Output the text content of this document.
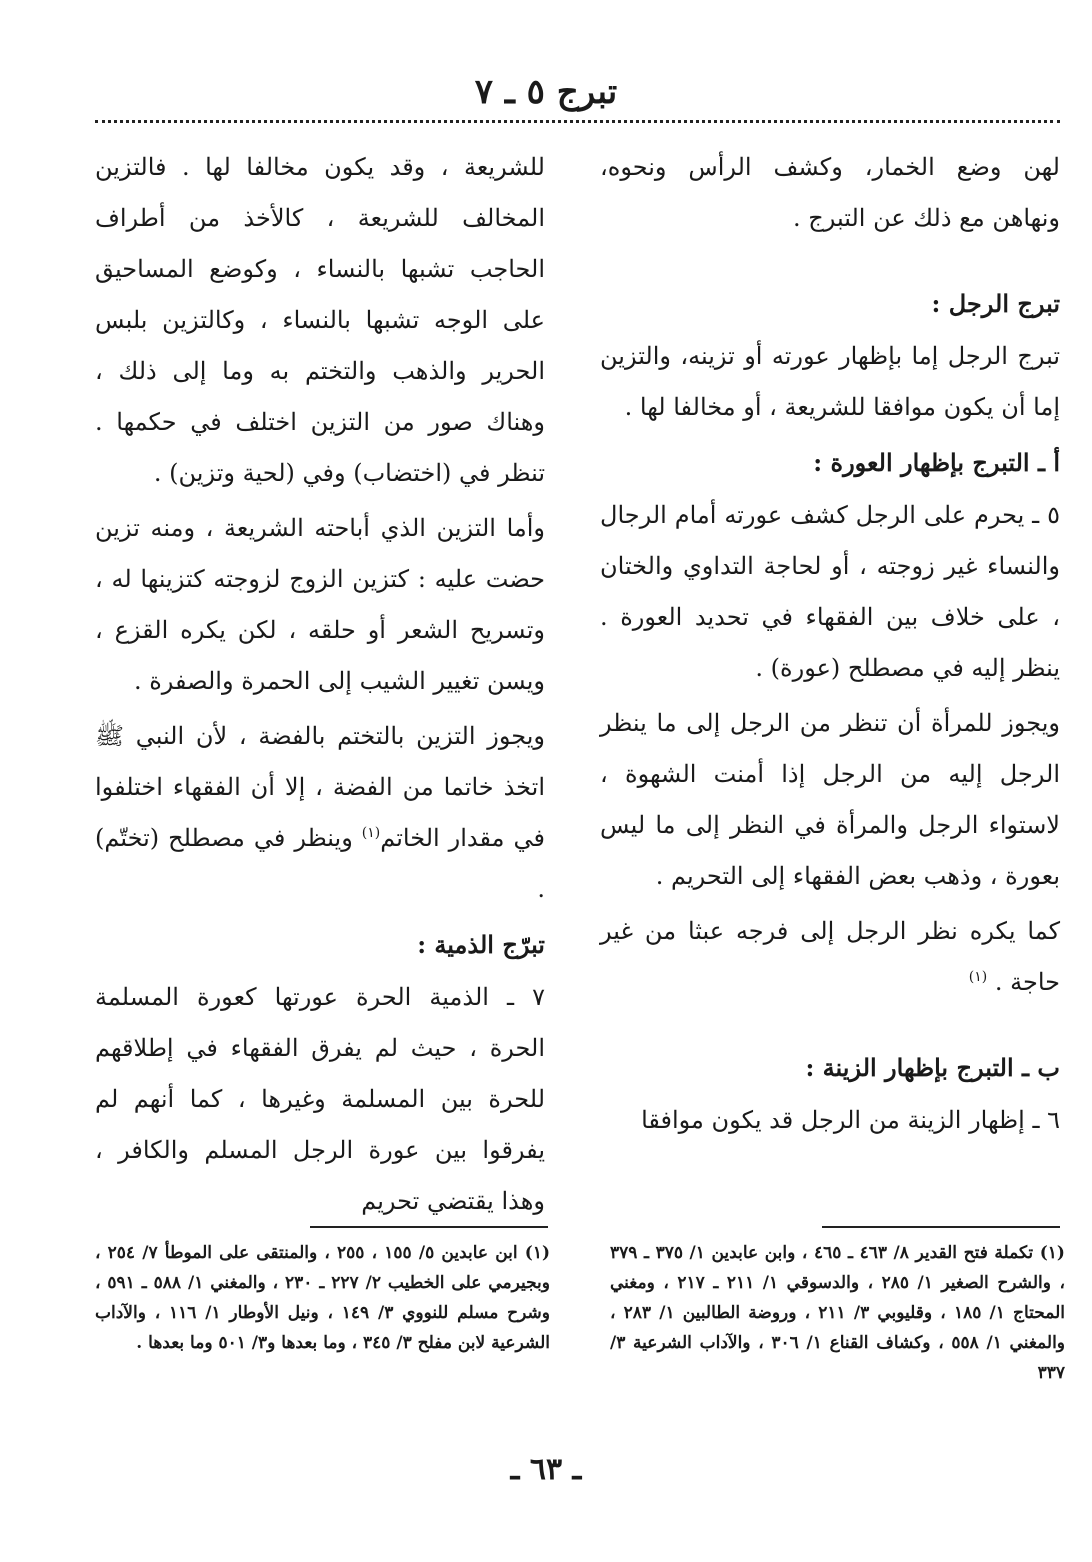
تبرج ٥ ـ ٧

لهن وضع الخمار، وكشف الرأس ونحوه، ونهاهن مع ذلك عن التبرج .

تبرج الرجل :

تبرج الرجل إما بإظهار عورته أو تزينه، والتزين إما أن يكون موافقا للشريعة ، أو مخالفا لها .

أ ـ التبرج بإظهار العورة :

٥ ـ يحرم على الرجل كشف عورته أمام الرجال والنساء غير زوجته ، أو لحاجة التداوي والختان ، على خلاف بين الفقهاء في تحديد العورة . ينظر إليه في مصطلح (عورة) .

ويجوز للمرأة أن تنظر من الرجل إلى ما ينظر الرجل إليه من الرجل إذا أمنت الشهوة ، لاستواء الرجل والمرأة في النظر إلى ما ليس بعورة ، وذهب بعض الفقهاء إلى التحريم .

كما يكره نظر الرجل إلى فرجه عبثا من غير حاجة . $^{(١)}$

ب ـ التبرج بإظهار الزينة :

٦ ـ إظهار الزينة من الرجل قد يكون موافقا

للشريعة ، وقد يكون مخالفا لها . فالتزين المخالف للشريعة ، كالأخذ من أطراف الحاجب تشبها بالنساء ، وكوضع المساحيق على الوجه تشبها بالنساء ، وكالتزين بلبس الحرير والذهب والتختم به وما إلى ذلك ، وهناك صور من التزين اختلف في حكمها . تنظر في (اختضاب) وفي (لحية وتزين) .

وأما التزين الذي أباحته الشريعة ، ومنه تزين حضت عليه : كتزين الزوج لزوجته كتزينها له ، وتسريح الشعر أو حلقه ، لكن يكره القزع ، ويسن تغيير الشيب إلى الحمرة والصفرة .

ويجوز التزين بالتختم بالفضة ، لأن النبي ﷺ اتخذ خاتما من الفضة ، إلا أن الفقهاء اختلفوا في مقدار الخاتم$^{(١)}$ وينظر في مصطلح (تختّم) .

تبرّج الذمية :

٧ ـ الذمية الحرة عورتها كعورة المسلمة الحرة ، حيث لم يفرق الفقهاء في إطلاقهم للحرة بين المسلمة وغيرها ، كما أنهم لم يفرقوا بين عورة الرجل المسلم والكافر ، وهذا يقتضي تحريم

(١) تكملة فتح القدير ٨/ ٤٦٣ ـ ٤٦٥ ، وابن عابدين ١/ ٣٧٥ ـ ٣٧٩ ، والشرح الصغير ١/ ٢٨٥ ، والدسوقي ١/ ٢١١ ـ ٢١٧ ، ومغني المحتاج ١/ ١٨٥ ، وقليوبي ٣/ ٢١١ ، وروضة الطالبين ١/ ٢٨٣ ، والمغني ١/ ٥٥٨ ، وكشاف القناع ١/ ٣٠٦ ، والآداب الشرعية ٣/ ٣٣٧
(١) ابن عابدين ٥/ ١٥٥ ، ٢٥٥ ، والمنتقى على الموطأ ٧/ ٢٥٤ ، وبجيرمي على الخطيب ٢/ ٢٢٧ ـ ٢٣٠ ، والمغني ١/ ٥٨٨ ـ ٥٩١ ، وشرح مسلم للنووي ٣/ ١٤٩ ، ونيل الأوطار ١/ ١١٦ ، والآداب الشرعية لابن مفلح ٣/ ٣٤٥ ، وما بعدها و٣/ ٥٠١ وما بعدها .
ـ ٦٣ ـ
